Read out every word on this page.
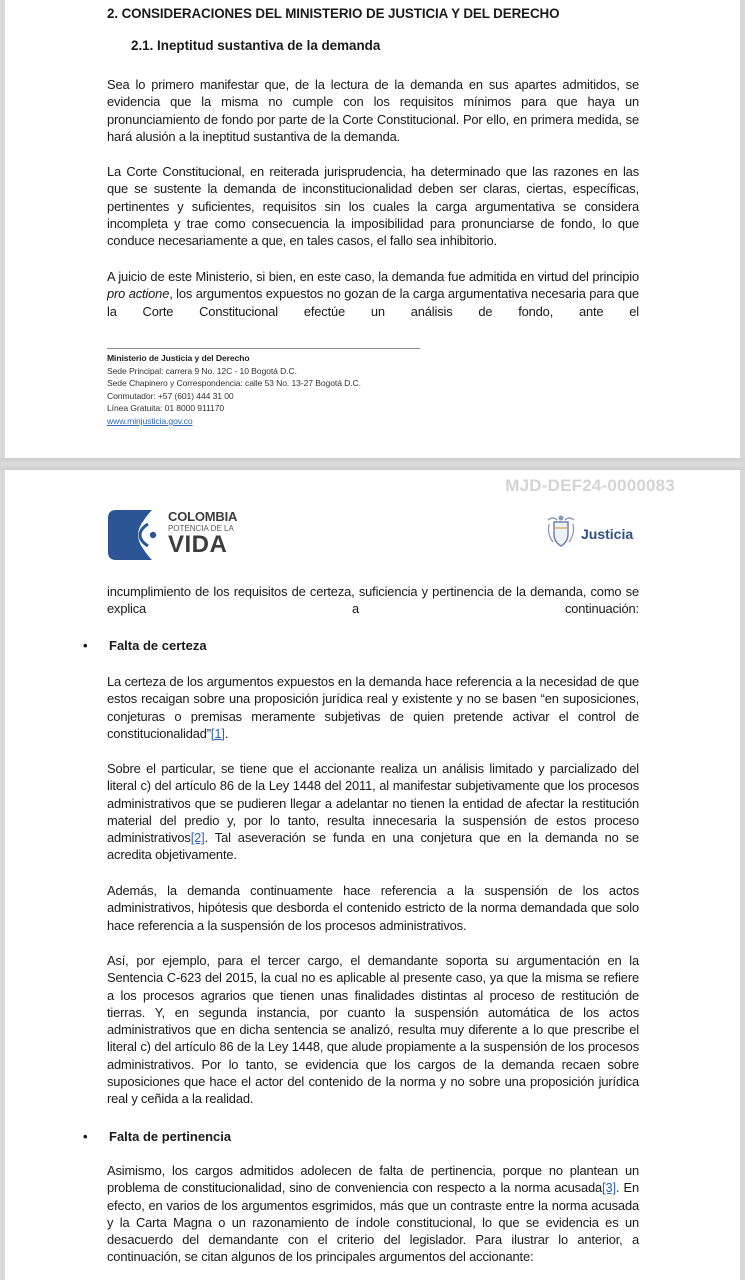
2. CONSIDERACIONES DEL MINISTERIO DE JUSTICIA Y DEL DERECHO
2.1. Ineptitud sustantiva de la demanda
Sea lo primero manifestar que, de la lectura de la demanda en sus apartes admitidos, se evidencia que la misma no cumple con los requisitos mínimos para que haya un pronunciamiento de fondo por parte de la Corte Constitucional. Por ello, en primera medida, se hará alusión a la ineptitud sustantiva de la demanda.
La Corte Constitucional, en reiterada jurisprudencia, ha determinado que las razones en las que se sustente la demanda de inconstitucionalidad deben ser claras, ciertas, específicas, pertinentes y suficientes, requisitos sin los cuales la carga argumentativa se considera incompleta y trae como consecuencia la imposibilidad para pronunciarse de fondo, lo que conduce necesariamente a que, en tales casos, el fallo sea inhibitorio.
A juicio de este Ministerio, si bien, en este caso, la demanda fue admitida en virtud del principio pro actione, los argumentos expuestos no gozan de la carga argumentativa necesaria para que la Corte Constitucional efectúe un análisis de fondo, ante el
Ministerio de Justicia y del Derecho
Sede Principal: carrera 9 No. 12C - 10 Bogotá D.C.
Sede Chapinero y Correspondencia: calle 53 No. 13-27 Bogotá D.C.
Conmutador: +57 (601) 444 31 00
Línea Gratuita: 01 8000 911170
www.minjusticia.gov.co
MJD-DEF24-0000083
COLOMBIA
POTENCIA DE LA
VIDA	Justicia
incumplimiento de los requisitos de certeza, suficiencia y pertinencia de la demanda, como se explica a continuación:
• Falta de certeza
La certeza de los argumentos expuestos en la demanda hace referencia a la necesidad de que estos recaigan sobre una proposición jurídica real y existente y no se basen “en suposiciones, conjeturas o premisas meramente subjetivas de quien pretende activar el control de constitucionalidad”[1].
Sobre el particular, se tiene que el accionante realiza un análisis limitado y parcializado del literal c) del artículo 86 de la Ley 1448 del 2011, al manifestar subjetivamente que los procesos administrativos que se pudieren llegar a adelantar no tienen la entidad de afectar la restitución material del predio y, por lo tanto, resulta innecesaria la suspensión de estos proceso administrativos[2]. Tal aseveración se funda en una conjetura que en la demanda no se acredita objetivamente.
Además, la demanda continuamente hace referencia a la suspensión de los actos administrativos, hipótesis que desborda el contenido estricto de la norma demandada que solo hace referencia a la suspensión de los procesos administrativos.
Así, por ejemplo, para el tercer cargo, el demandante soporta su argumentación en la Sentencia C-623 del 2015, la cual no es aplicable al presente caso, ya que la misma se refiere a los procesos agrarios que tienen unas finalidades distintas al proceso de restitución de tierras. Y, en segunda instancia, por cuanto la suspensión automática de los actos administrativos que en dicha sentencia se analizó, resulta muy diferente a lo que prescribe el literal c) del artículo 86 de la Ley 1448, que alude propiamente a la suspensión de los procesos administrativos. Por lo tanto, se evidencia que los cargos de la demanda recaen sobre suposiciones que hace el actor del contenido de la norma y no sobre una proposición jurídica real y ceñida a la realidad.
• Falta de pertinencia
Asimismo, los cargos admitidos adolecen de falta de pertinencia, porque no plantean un problema de constitucionalidad, sino de conveniencia con respecto a la norma acusada[3]. En efecto, en varios de los argumentos esgrimidos, más que un contraste entre la norma acusada y la Carta Magna o un razonamiento de índole constitucional, lo que se evidencia es un desacuerdo del demandante con el criterio del legislador. Para ilustrar lo anterior, a continuación, se citan algunos de los principales argumentos del accionante:
